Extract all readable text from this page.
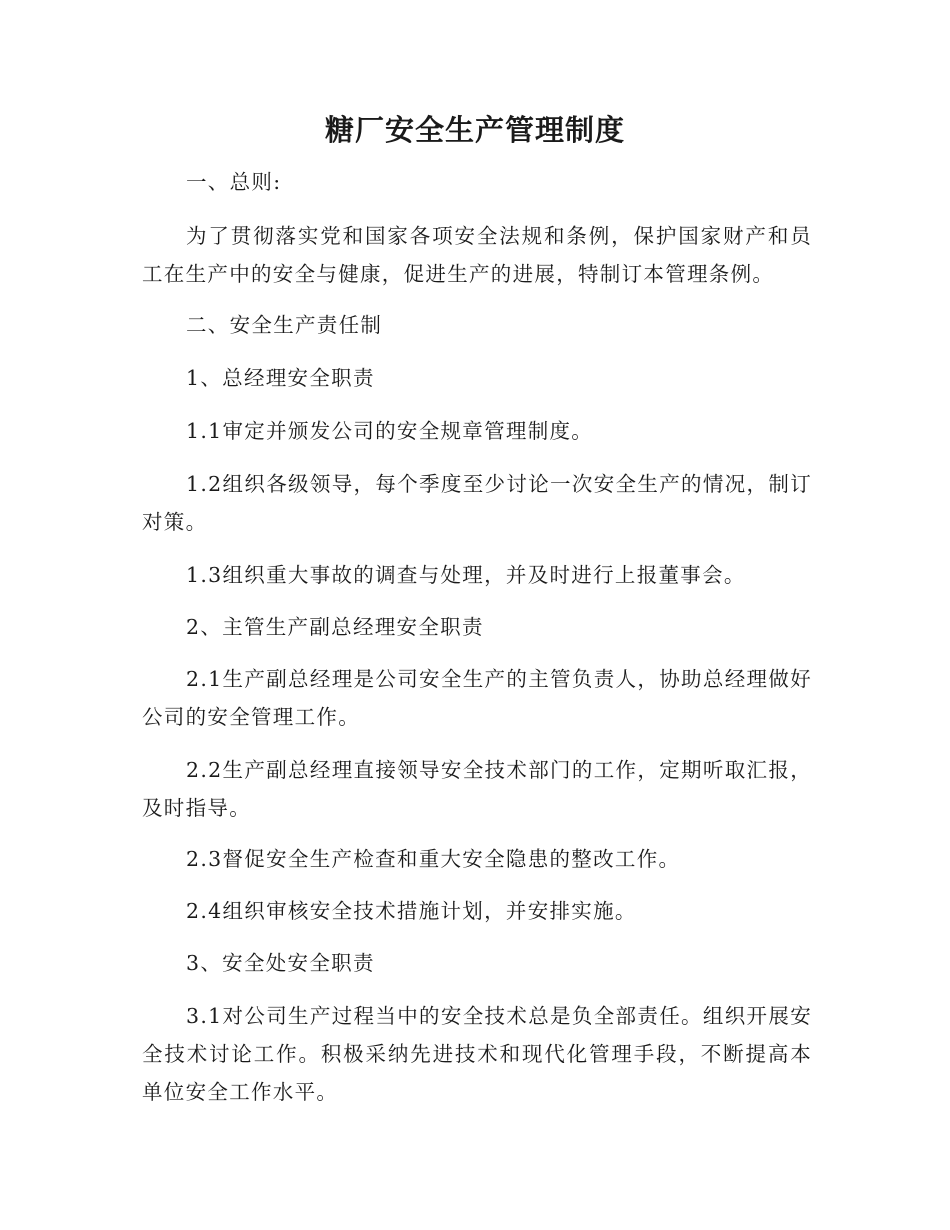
糖厂安全生产管理制度

一、总则:

为了贯彻落实党和国家各项安全法规和条例，保护国家财产和员工在生产中的安全与健康，促进生产的进展，特制订本管理条例。

二、安全生产责任制

1、总经理安全职责

1.1审定并颁发公司的安全规章管理制度。

1.2组织各级领导，每个季度至少讨论一次安全生产的情况，制订对策。

1.3组织重大事故的调查与处理，并及时进行上报董事会。

2、主管生产副总经理安全职责

2.1生产副总经理是公司安全生产的主管负责人，协助总经理做好公司的安全管理工作。

2.2生产副总经理直接领导安全技术部门的工作，定期听取汇报，及时指导。

2.3督促安全生产检查和重大安全隐患的整改工作。

2.4组织审核安全技术措施计划，并安排实施。

3、安全处安全职责

3.1对公司生产过程当中的安全技术总是负全部责任。组织开展安全技术讨论工作。积极采纳先进技术和现代化管理手段，不断提高本单位安全工作水平。
